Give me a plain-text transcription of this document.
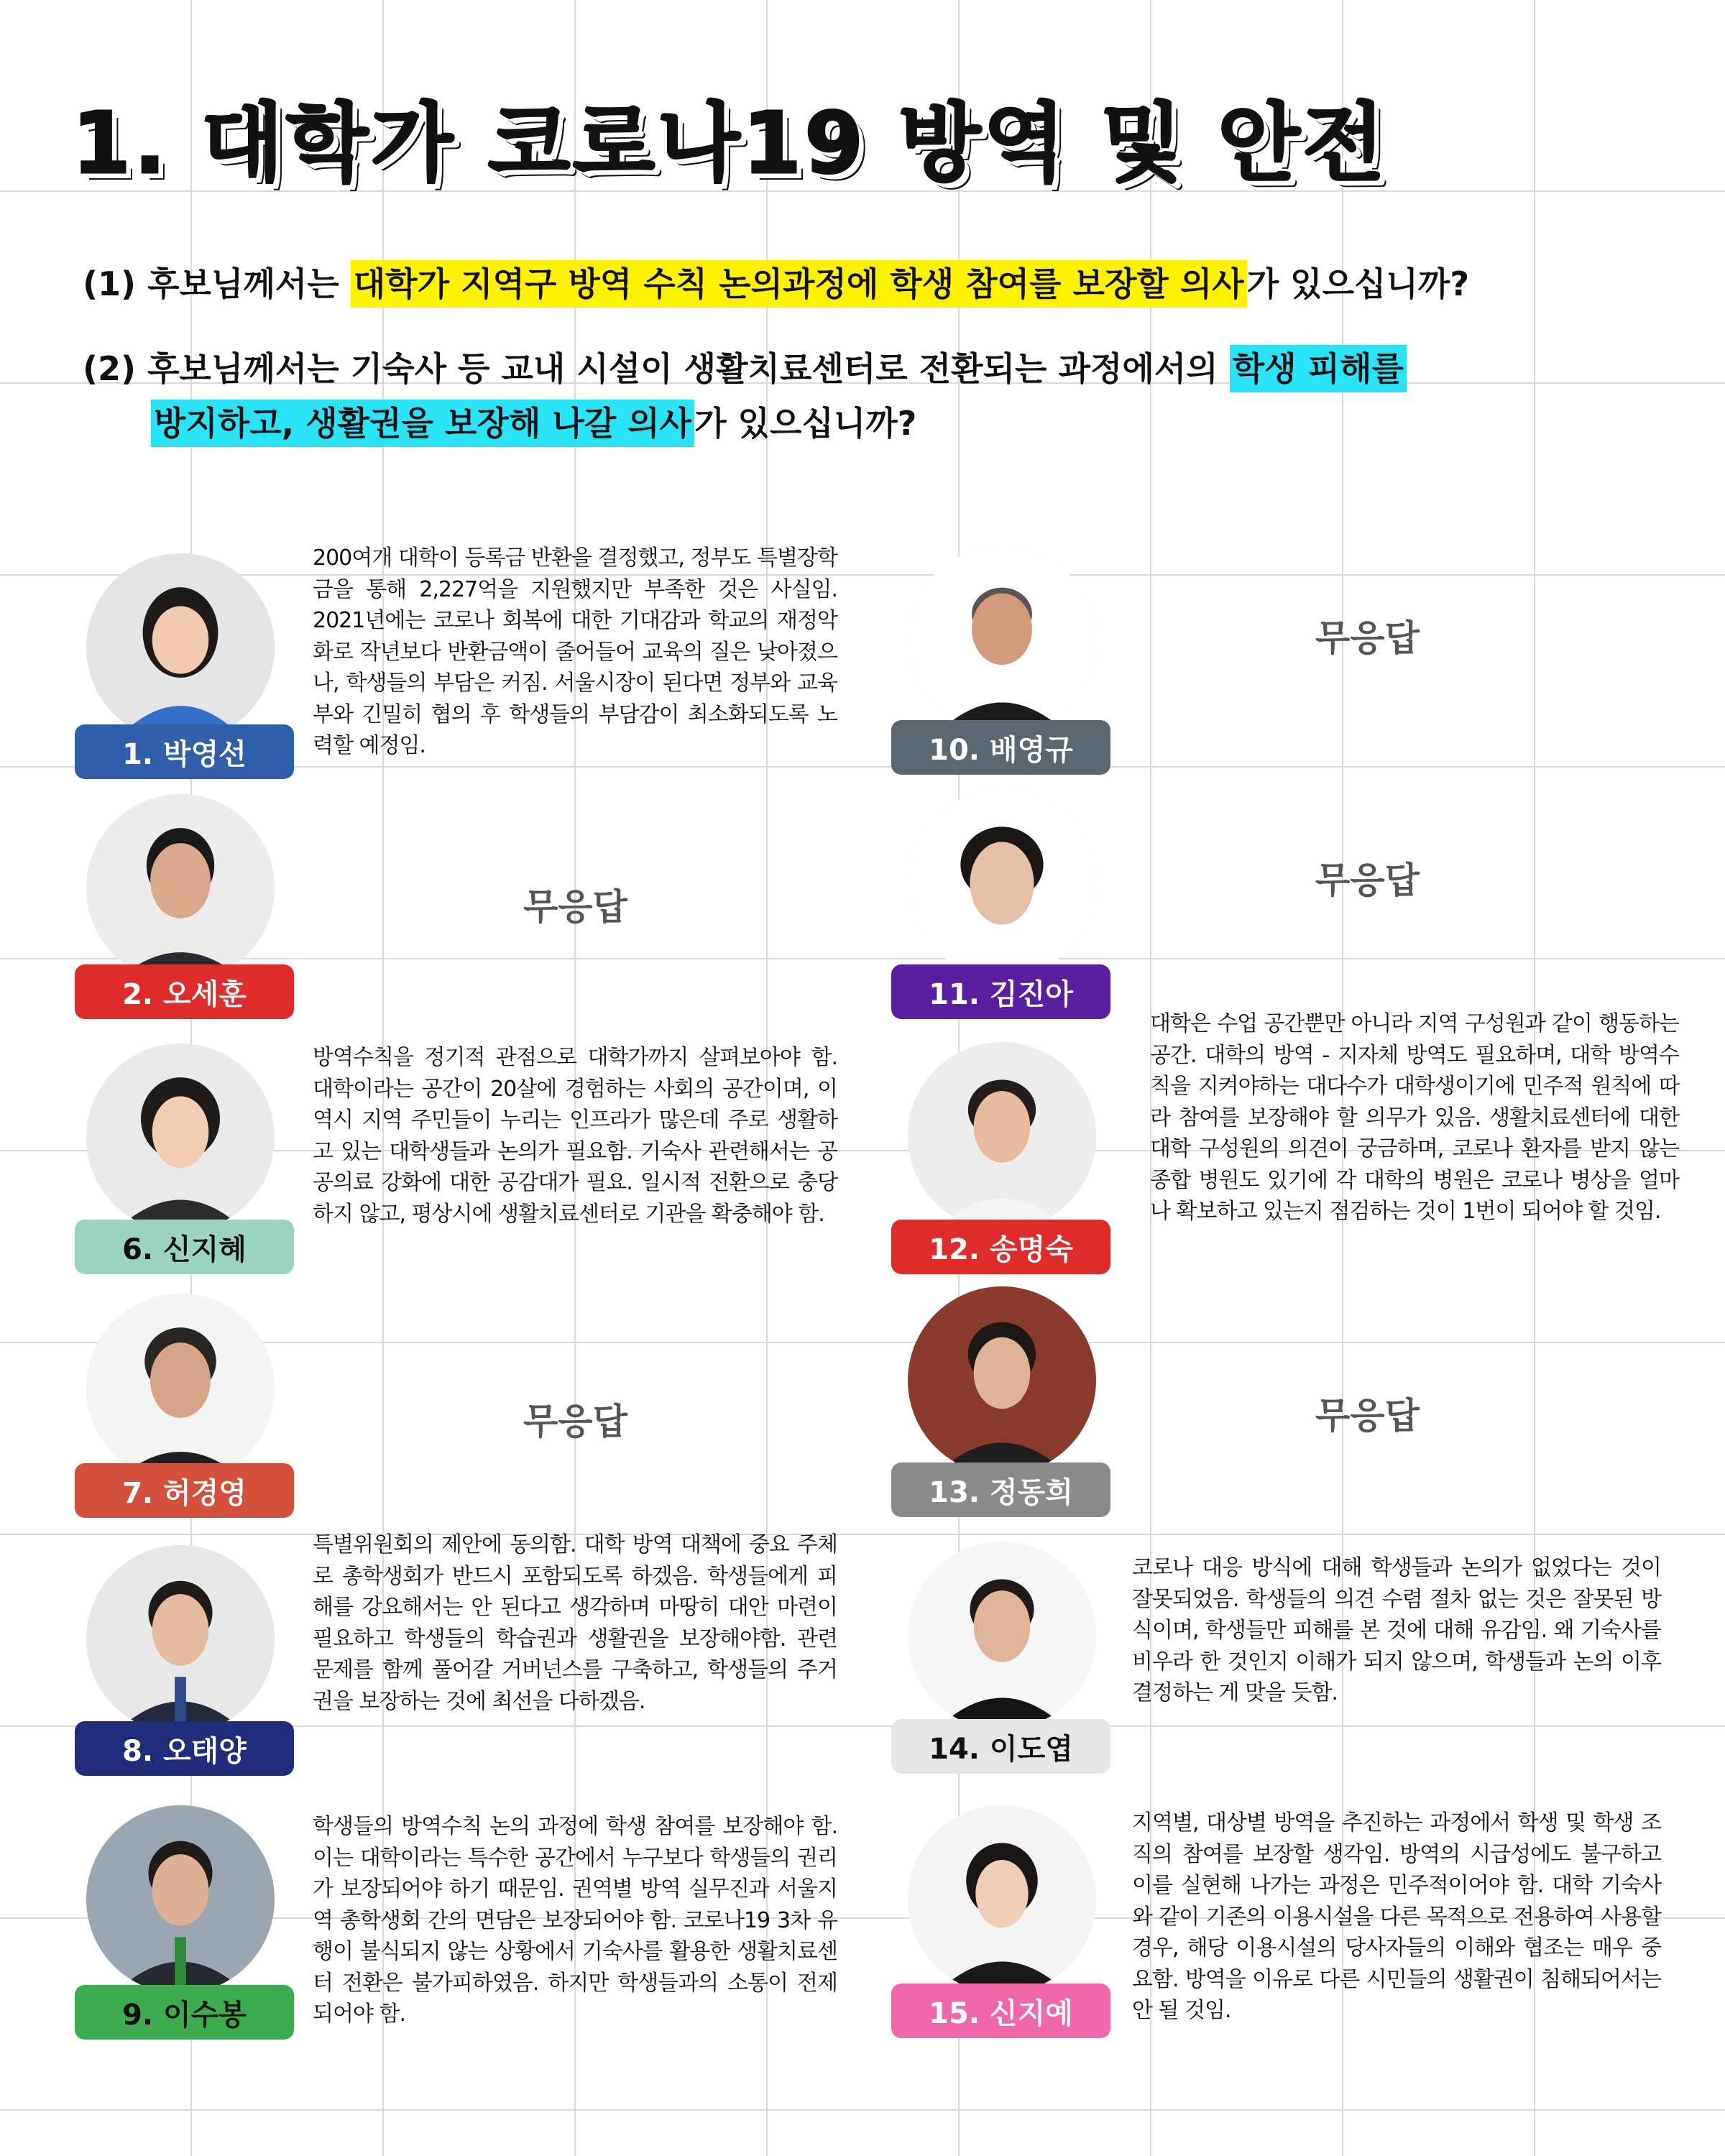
1. 대학가 코로나19 방역 및 안전

(1) 후보님께서는 대학가 지역구 방역 수칙 논의과정에 학생 참여를 보장할 의사가 있으십니까?

(2) 후보님께서는 기숙사 등 교내 시설이 생활치료센터로 전환되는 과정에서의 학생 피해를

방지하고, 생활권을 보장해 나갈 의사가 있으십니까?

1. 박영선

200여개 대학이 등록금 반환을 결정했고, 정부도 특별장학금을 통해 2,227억을 지원했지만 부족한 것은 사실임. 2021년에는 코로나 회복에 대한 기대감과 학교의 재정악화로 작년보다 반환금액이 줄어들어 교육의 질은 낮아졌으나, 학생들의 부담은 커짐. 서울시장이 된다면 정부와 교육부와 긴밀히 협의 후 학생들의 부담감이 최소화되도록 노력할 예정임.

2. 오세훈

무응답

6. 신지혜

방역수칙을 정기적 관점으로 대학가까지 살펴보아야 함. 대학이라는 공간이 20살에 경험하는 사회의 공간이며, 이 역시 지역 주민들이 누리는 인프라가 많은데 주로 생활하고 있는 대학생들과 논의가 필요함. 기숙사 관련해서는 공공의료 강화에 대한 공감대가 필요. 일시적 전환으로 충당하지 않고, 평상시에 생활치료센터로 기관을 확충해야 함.

7. 허경영

무응답

8. 오태양

특별위원회의 제안에 동의함. 대학 방역 대책에 중요 주체로 총학생회가 반드시 포함되도록 하겠음. 학생들에게 피해를 강요해서는 안 된다고 생각하며 마땅히 대안 마련이 필요하고 학생들의 학습권과 생활권을 보장해야함. 관련 문제를 함께 풀어갈 거버넌스를 구축하고, 학생들의 주거권을 보장하는 것에 최선을 다하겠음.

9. 이수봉

학생들의 방역수칙 논의 과정에 학생 참여를 보장해야 함. 이는 대학이라는 특수한 공간에서 누구보다 학생들의 권리가 보장되어야 하기 때문임. 권역별 방역 실무진과 서울지역 총학생회 간의 면담은 보장되어야 함. 코로나19 3차 유행이 불식되지 않는 상황에서 기숙사를 활용한 생활치료센터 전환은 불가피하였음. 하지만 학생들과의 소통이 전제되어야 함.

10. 배영규

무응답

11. 김진아

무응답

12. 송명숙

대학은 수업 공간뿐만 아니라 지역 구성원과 같이 행동하는 공간. 대학의 방역 - 지자체 방역도 필요하며, 대학 방역수칙을 지켜야하는 대다수가 대학생이기에 민주적 원칙에 따라 참여를 보장해야 할 의무가 있음. 생활치료센터에 대한 대학 구성원의 의견이 궁금하며, 코로나 환자를 받지 않는 종합 병원도 있기에 각 대학의 병원은 코로나 병상을 얼마나 확보하고 있는지 점검하는 것이 1번이 되어야 할 것임.

13. 정동희

무응답

14. 이도엽

코로나 대응 방식에 대해 학생들과 논의가 없었다는 것이 잘못되었음. 학생들의 의견 수렴 절차 없는 것은 잘못된 방식이며, 학생들만 피해를 본 것에 대해 유감임. 왜 기숙사를 비우라 한 것인지 이해가 되지 않으며, 학생들과 논의 이후 결정하는 게 맞을 듯함.

15. 신지예

지역별, 대상별 방역을 추진하는 과정에서 학생 및 학생 조직의 참여를 보장할 생각임. 방역의 시급성에도 불구하고 이를 실현해 나가는 과정은 민주적이어야 함. 대학 기숙사와 같이 기존의 이용시설을 다른 목적으로 전용하여 사용할 경우, 해당 이용시설의 당사자들의 이해와 협조는 매우 중요함. 방역을 이유로 다른 시민들의 생활권이 침해되어서는 안 될 것임.
